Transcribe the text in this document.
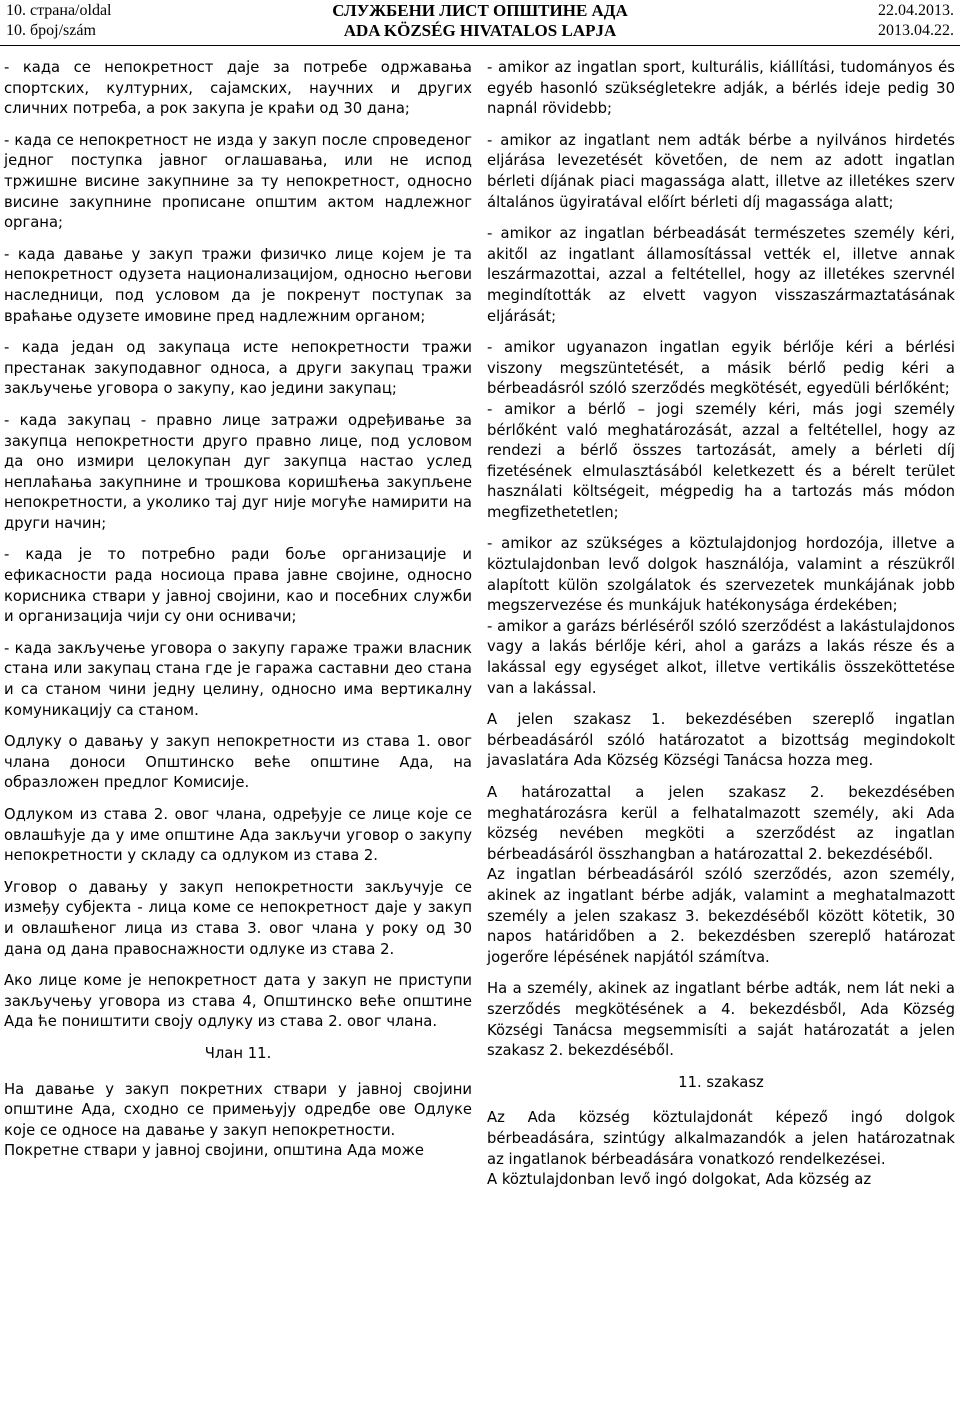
10. страна/oldal
10. број/szám
СЛУЖБЕНИ ЛИСТ ОПШТИНЕ АДА
ADA KÖZSÉG HIVATALOS LAPJA
22.04.2013.
2013.04.22.

- када се непокретност даје за потребе одржавања спортских, културних, сајамских, научних и других сличних потреба, а рок закупа је краћи од 30 дана;

- када се непокретност не изда у закуп после спроведеног једног поступка јавног оглашавања, или не испод тржишне висине закупнине за ту непокретност, односно висине закупнине прописане општим актом надлежног органа;

- када давање у закуп тражи физичко лице којем је та непокретност одузета национализацијом, односно његови наследници, под условом да је покренут поступак за враћање одузете имовине пред надлежним органом;

- када један од закупаца исте непокретности тражи престанак закуподавног односа, а други закупац тражи закључење уговора о закупу, као једини закупац;

- када закупац - правно лице затражи одређивање за закупца непокретности друго правно лице, под условом да оно измири целокупан дуг закупца настао услед неплаћања закупнине и трошкова коришћења закупљене непокретности, а уколико тај дуг није могуће намирити на други начин;

- када је то потребно ради боље организације и ефикасности рада носиоца права јавне својине, односно корисника ствари у јавној својини, као и посебних служби и организација чији су они оснивачи;

- када закључење уговора о закупу гараже тражи власник стана или закупац стана где је гаража саставни део стана и са станом чини једну целину, односно има вертикалну комуникацију са станом.

Одлуку о давању у закуп непокретности из става 1. овог члана доноси Општинско веће општине Ада, на образложен предлог Комисије.

Одлуком из става 2. овог члана, одређује се лице које се овлашћује да у име општине Ада закључи уговор о закупу непокретности у складу са одлуком из става 2.

Уговор о давању у закуп непокретности закључује се између субјекта - лица коме се непокретност даје у закуп и овлашћеног лица из става 3. овог члана у року од 30 дана од дана правоснажности одлуке из става 2.

Ако лице коме је непокретност дата у закуп не приступи закључењу уговора из става 4, Општинско веће општине Ада ће поништити своју одлуку из става 2. овог члана.

Члан 11.

На давање у закуп покретних ствари у јавној својини општине Ада, сходно се примењују одредбе ове Одлуке које се односе на давање у закуп непокретности.

Покретне ствари у јавној својини, општина Ада може

- amikor az ingatlan sport, kulturális, kiállítási, tudományos és egyéb hasonló szükségletekre adják, a bérlés ideje pedig 30 napnál rövidebb;

- amikor az ingatlant nem adták bérbe a nyilvános hirdetés eljárása levezetését követően, de nem az adott ingatlan bérleti díjának piaci magassága alatt, illetve az illetékes szerv általános ügyiratával előírt bérleti díj magassága alatt;

- amikor az ingatlan bérbeadását természetes személy kéri, akitől az ingatlant államosítással vették el, illetve annak leszármazottai, azzal a feltétellel, hogy az illetékes szervnél megindították az elvett vagyon visszaszármaztatásának eljárását;

- amikor ugyanazon ingatlan egyik bérlője kéri a bérlési viszony megszüntetését, a másik bérlő pedig kéri a bérbeadásról szóló szerződés megkötését, egyedüli bérlőként;

- amikor a bérlő – jogi személy kéri, más jogi személy bérlőként való meghatározását, azzal a feltétellel, hogy az rendezi a bérlő összes tartozását, amely a bérleti díj fizetésének elmulasztásából keletkezett és a bérelt terület használati költségeit, mégpedig ha a tartozás más módon megfizethetetlen;

- amikor az szükséges a köztulajdonjog hordozója, illetve a köztulajdonban levő dolgok használója, valamint a részükről alapított külön szolgálatok és szervezetek munkájának jobb megszervezése és munkájuk hatékonysága érdekében;

- amikor a garázs bérléséről szóló szerződést a lakástulajdonos vagy a lakás bérlője kéri, ahol a garázs a lakás része és a lakással egy egységet alkot, illetve vertikális összeköttetése van a lakással.

A jelen szakasz 1. bekezdésében szereplő ingatlan bérbeadásáról szóló határozatot a bizottság megindokolt javaslatára Ada Község Községi Tanácsa hozza meg.

A határozattal a jelen szakasz 2. bekezdésében meghatározásra kerül a felhatalmazott személy, aki Ada község nevében megköti a szerződést az ingatlan bérbeadásáról összhangban a határozattal 2. bekezdéséből.

Az ingatlan bérbeadásáról szóló szerződés, azon személy, akinek az ingatlant bérbe adják, valamint a meghatalmazott személy a jelen szakasz 3. bekezdéséből között kötetik, 30 napos határidőben a 2. bekezdésben szereplő határozat jogerőre lépésének napjától számítva.

Ha a személy, akinek az ingatlant bérbe adták, nem lát neki a szerződés megkötésének a 4. bekezdésből, Ada Község Községi Tanácsa megsemmisíti a saját határozatát a jelen szakasz 2. bekezdéséből.

11. szakasz

Az Ada község köztulajdonát képező ingó dolgok bérbeadására, szintúgy alkalmazandók a jelen határozatnak az ingatlanok bérbeadására vonatkozó rendelkezései.

A köztulajdonban levő ingó dolgokat, Ada község az
